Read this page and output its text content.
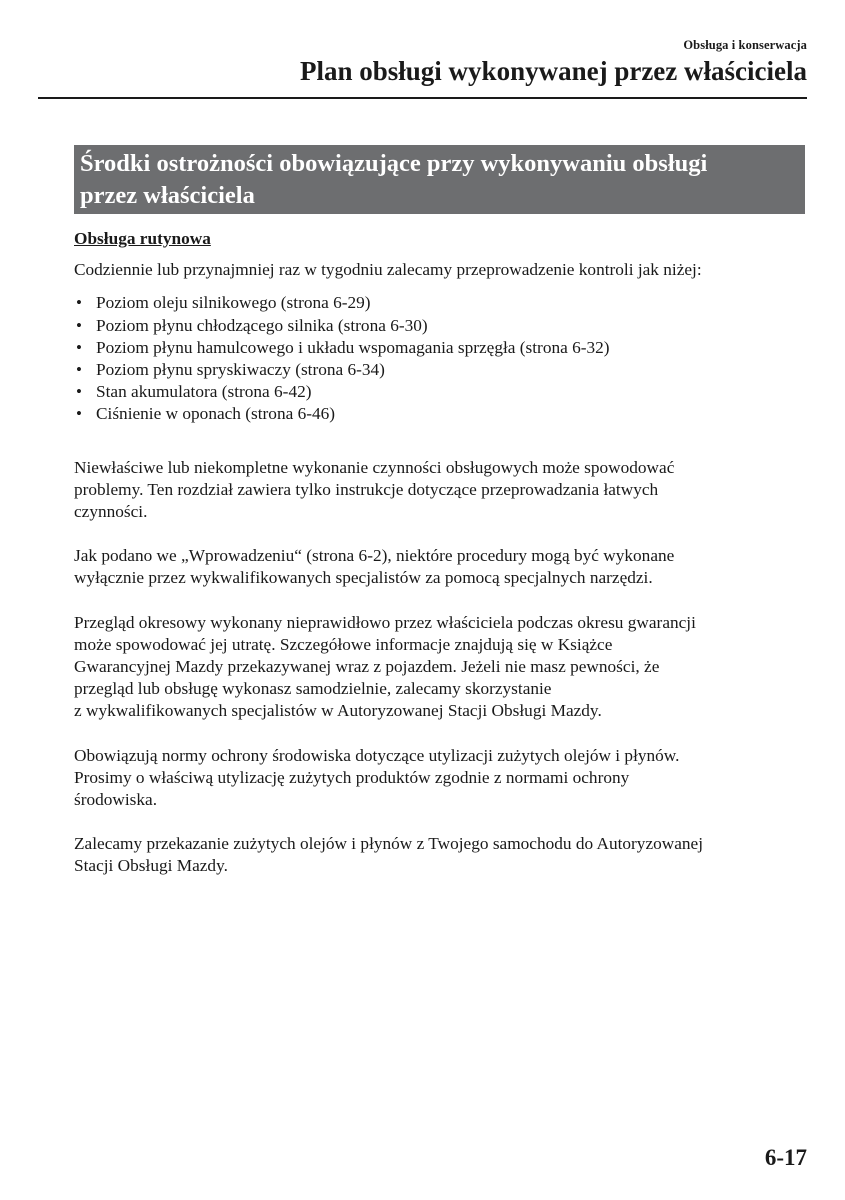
Obsługa i konserwacja
Plan obsługi wykonywanej przez właściciela
Środki ostrożności obowiązujące przy wykonywaniu obsługi
przez właściciela
Obsługa rutynowa

Codziennie lub przynajmniej raz w tygodniu zalecamy przeprowadzenie kontroli jak niżej:

• Poziom oleju silnikowego (strona 6-29)
• Poziom płynu chłodzącego silnika (strona 6-30)
• Poziom płynu hamulcowego i układu wspomagania sprzęgła (strona 6-32)
• Poziom płynu spryskiwaczy (strona 6-34)
• Stan akumulatora (strona 6-42)
• Ciśnienie w oponach (strona 6-46)

Niewłaściwe lub niekompletne wykonanie czynności obsługowych może spowodować
problemy. Ten rozdział zawiera tylko instrukcje dotyczące przeprowadzania łatwych
czynności.

Jak podano we „Wprowadzeniu“ (strona 6-2), niektóre procedury mogą być wykonane
wyłącznie przez wykwalifikowanych specjalistów za pomocą specjalnych narzędzi.

Przegląd okresowy wykonany nieprawidłowo przez właściciela podczas okresu gwarancji
może spowodować jej utratę. Szczegółowe informacje znajdują się w Książce
Gwarancyjnej Mazdy przekazywanej wraz z pojazdem. Jeżeli nie masz pewności, że
przegląd lub obsługę wykonasz samodzielnie, zalecamy skorzystanie
z wykwalifikowanych specjalistów w Autoryzowanej Stacji Obsługi Mazdy.

Obowiązują normy ochrony środowiska dotyczące utylizacji zużytych olejów i płynów.
Prosimy o właściwą utylizację zużytych produktów zgodnie z normami ochrony
środowiska.

Zalecamy przekazanie zużytych olejów i płynów z Twojego samochodu do Autoryzowanej
Stacji Obsługi Mazdy.

6-17
